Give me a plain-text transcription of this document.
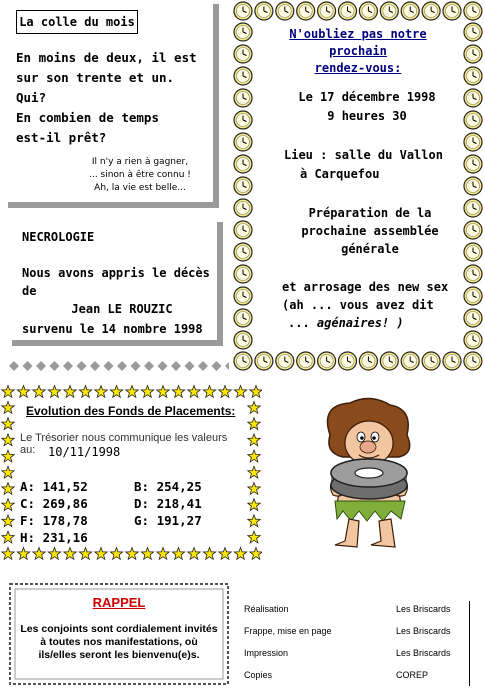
La colle du mois
En moins de deux, il est
sur son trente et un.
Qui?
En combien de temps
est-il prêt?
Il n'y a rien à gagner,
... sinon à être connu !
Ah, la vie est belle...
NECROLOGIE
Nous avons appris le décès de
Jean LE ROUZIC
survenu le 14 nombre 1998
N'oubliez pas notre prochain
rendez-vous:
Le 17 décembre 1998
9 heures 30
Lieu : salle du Vallon
à Carquefou
Préparation de la
prochaine assemblée
générale
et arrosage des new sex
(ah ... vous avez dit
... agénaires! )
Evolution des Fonds de Placements:
Le Trésorier nous communique les valeurs
au:	10/11/1998
A: 141,52	B: 254,25
C: 269,86	D: 218,41
F: 178,78	G: 191,27
H: 231,16
RAPPEL
Les conjoints sont cordialement invités à toutes nos manifestations, où ils/elles seront les bienvenu(e)s.
Réalisation	Les Briscards
Frappe, mise en page	Les Briscards
Impression	Les Briscards
Copies	COREP
